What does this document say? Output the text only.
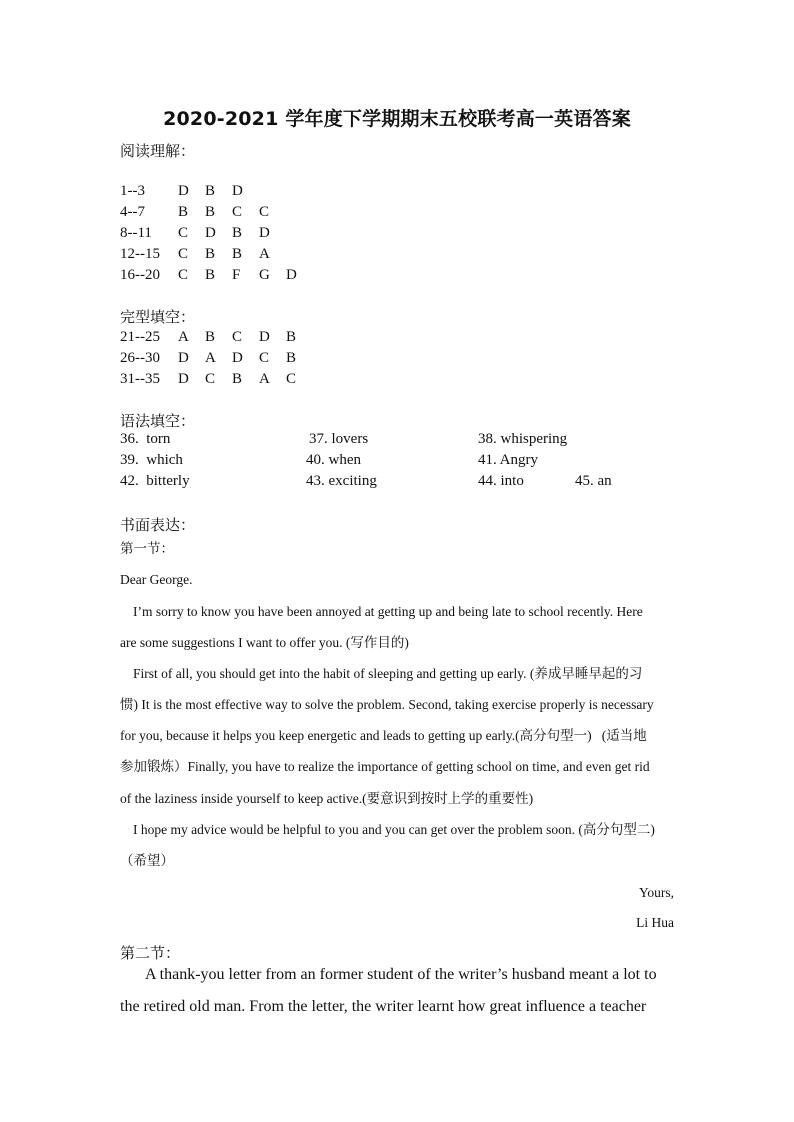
2020-2021 学年度下学期期末五校联考高一英语答案
阅读理解：
1--3 D B D
4--7 B B C C
8--11 C D B D
12--15 C B B A
16--20 C B F G D
完型填空：
21--25 A B C D B
26--30 D A D C B
31--35 D C B A C
语法填空：
36.  torn	37. lovers	38. whispering
39.  which	40. when	41. Angry
42.  bitterly	43. exciting	44. into	45. an
书面表达：
第一节：
Dear George.
I’m sorry to know you have been annoyed at getting up and being late to school recently. Here
are some suggestions I want to offer you. (写作目的)
First of all, you should get into the habit of sleeping and getting up early. (养成早睡早起的习
惯) It is the most effective way to solve the problem. Second, taking exercise properly is necessary
for you, because it helps you keep energetic and leads to getting up early.(高分句型一)   (适当地
参加锻炼）Finally, you have to realize the importance of getting school on time, and even get rid
of the laziness inside yourself to keep active.(要意识到按时上学的重要性)
I hope my advice would be helpful to you and you can get over the problem soon. (高分句型二)
（希望）
Yours,
Li Hua
第二节：
A thank-you letter from an former student of the writer’s husband meant a lot to
the retired old man. From the letter, the writer learnt how great influence a teacher
